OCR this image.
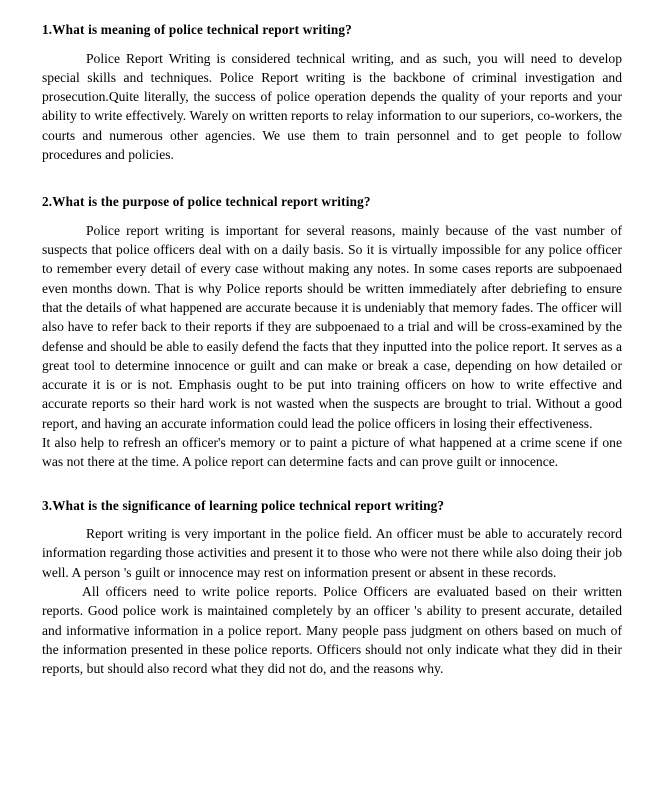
1.What is meaning of police technical report writing?

Police Report Writing is considered technical writing, and as such, you will need to develop special skills and techniques. Police Report writing is the backbone of criminal investigation and prosecution.Quite literally, the success of police operation depends the quality of your reports and your ability to write effectively. Warely on written reports to relay information to our superiors, co-workers, the courts and numerous other agencies. We use them to train personnel and to get people to follow procedures and policies.

2.What is the purpose of police technical report writing?

Police report writing is important for several reasons, mainly because of the vast number of suspects that police officers deal with on a daily basis. So it is virtually impossible for any police officer to remember every detail of every case without making any notes. In some cases reports are subpoenaed even months down. That is why Police reports should be written immediately after debriefing to ensure that the details of what happened are accurate because it is undeniably that memory fades. The officer will also have to refer back to their reports if they are subpoenaed to a trial and will be cross-examined by the defense and should be able to easily defend the facts that they inputted into the police report. It serves as a great tool to determine innocence or guilt and can make or break a case, depending on how detailed or accurate it is or is not. Emphasis ought to be put into training officers on how to write effective and accurate reports so their hard work is not wasted when the suspects are brought to trial. Without a good report, and having an accurate information could lead the police officers in losing their effectiveness.

It also help to refresh an officer's memory or to paint a picture of what happened at a crime scene if one was not there at the time. A police report can determine facts and can prove guilt or innocence.

3.What is the significance of learning police technical report writing?

Report writing is very important in the police field. An officer must be able to accurately record information regarding those activities and present it to those who were not there while also doing their job well. A person 's guilt or innocence may rest on information present or absent in these records.

All officers need to write police reports. Police Officers are evaluated based on their written reports. Good police work is maintained completely by an officer 's ability to present accurate, detailed and informative information in a police report. Many people pass judgment on others based on much of the information presented in these police reports. Officers should not only indicate what they did in their reports, but should also record what they did not do, and the reasons why.
